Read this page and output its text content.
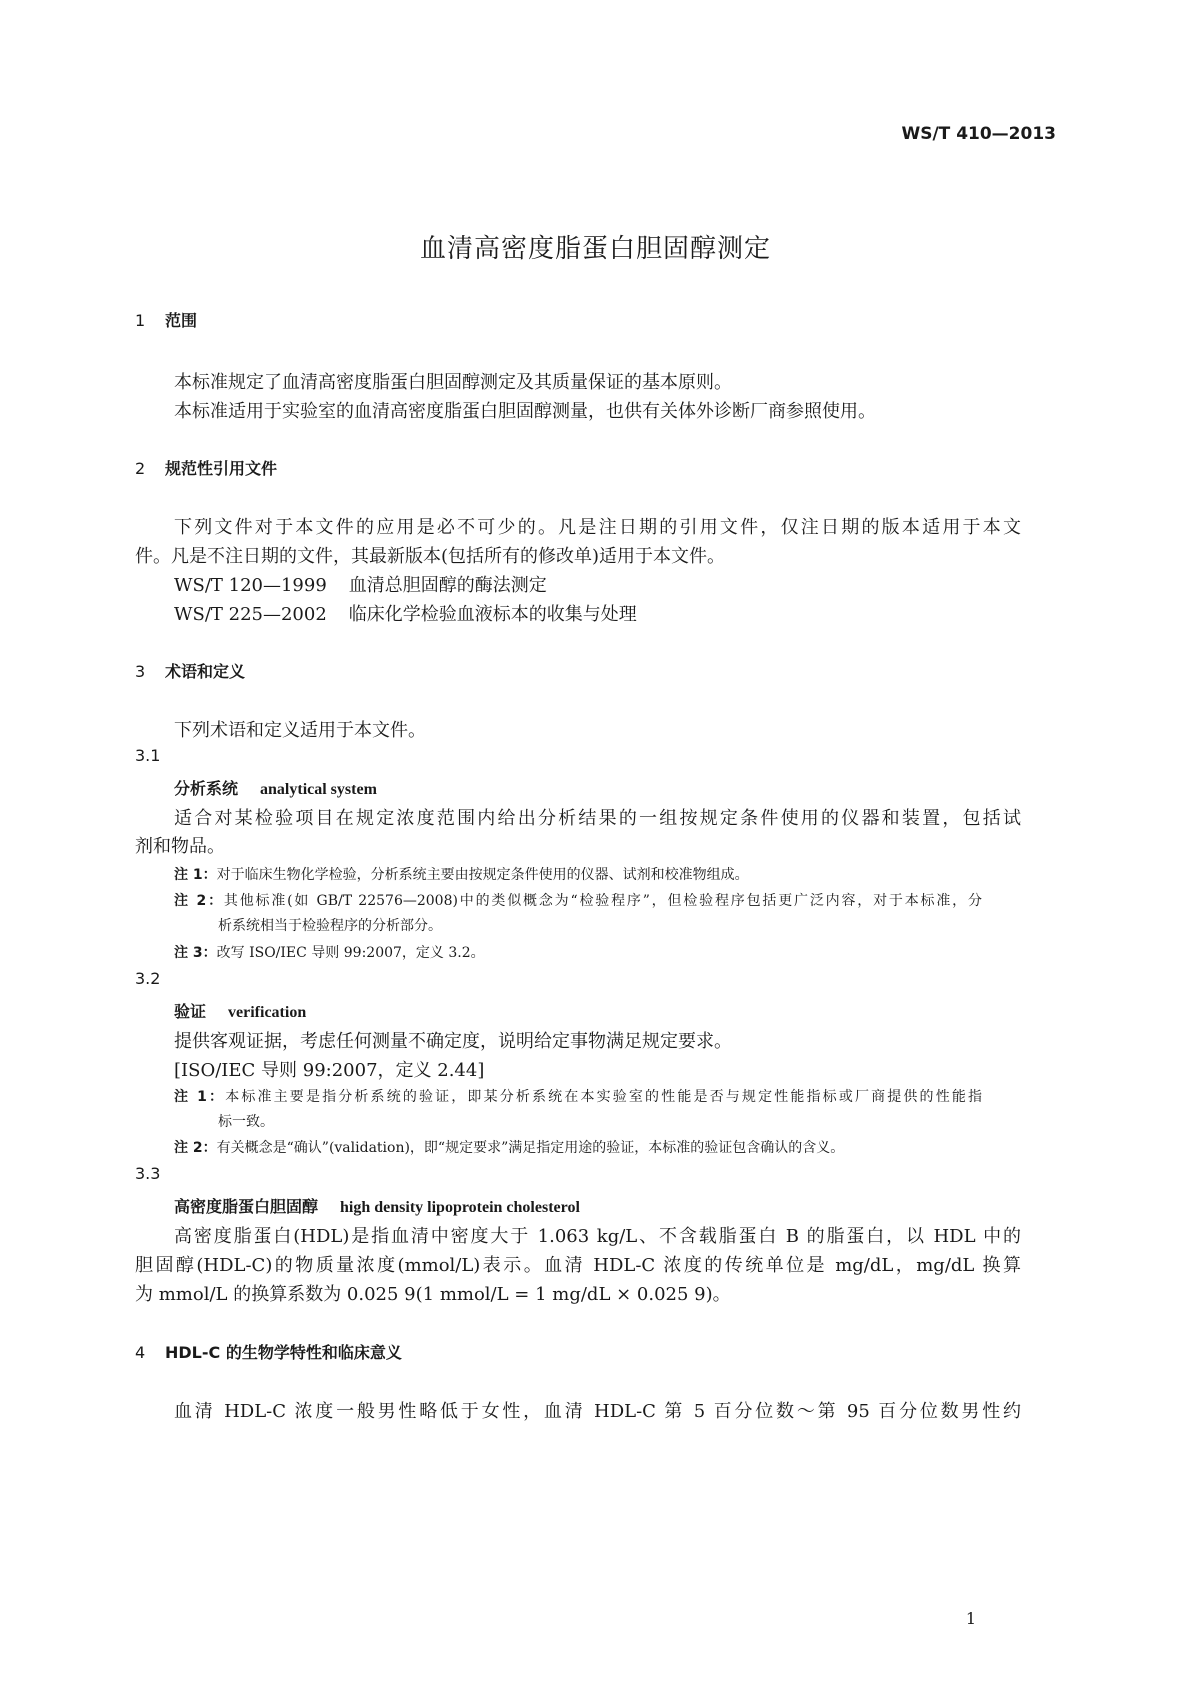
WS/T 410—2013
血清高密度脂蛋白胆固醇测定
1 范围
本标准规定了血清高密度脂蛋白胆固醇测定及其质量保证的基本原则。
本标准适用于实验室的血清高密度脂蛋白胆固醇测量，也供有关体外诊断厂商参照使用。
2 规范性引用文件
下列文件对于本文件的应用是必不可少的。凡是注日期的引用文件，仅注日期的版本适用于本文
件。凡是不注日期的文件，其最新版本(包括所有的修改单)适用于本文件。
WS/T 120—1999 血清总胆固醇的酶法测定
WS/T 225—2002 临床化学检验血液标本的收集与处理
3 术语和定义
下列术语和定义适用于本文件。
3.1
分析系统 analytical system
适合对某检验项目在规定浓度范围内给出分析结果的一组按规定条件使用的仪器和装置，包括试
剂和物品。
注 1：对于临床生物化学检验，分析系统主要由按规定条件使用的仪器、试剂和校准物组成。
注 2：其他标准(如 GB/T 22576—2008)中的类似概念为“检验程序”，但检验程序包括更广泛内容，对于本标准，分
析系统相当于检验程序的分析部分。
注 3：改写 ISO/IEC 导则 99:2007，定义 3.2。
3.2
验证 verification
提供客观证据，考虑任何测量不确定度，说明给定事物满足规定要求。
[ISO/IEC 导则 99:2007，定义 2.44]
注 1：本标准主要是指分析系统的验证，即某分析系统在本实验室的性能是否与规定性能指标或厂商提供的性能指
标一致。
注 2：有关概念是“确认”(validation)，即“规定要求”满足指定用途的验证，本标准的验证包含确认的含义。
3.3
高密度脂蛋白胆固醇 high density lipoprotein cholesterol
高密度脂蛋白(HDL)是指血清中密度大于 1.063 kg/L、不含载脂蛋白 B 的脂蛋白，以 HDL 中的
胆固醇(HDL-C)的物质量浓度(mmol/L)表示。血清 HDL-C 浓度的传统单位是 mg/dL，mg/dL 换算
为 mmol/L 的换算系数为 0.025 9(1 mmol/L = 1 mg/dL × 0.025 9)。
4 HDL-C 的生物学特性和临床意义
血清 HDL-C 浓度一般男性略低于女性，血清 HDL-C 第 5 百分位数～第 95 百分位数男性约
1
